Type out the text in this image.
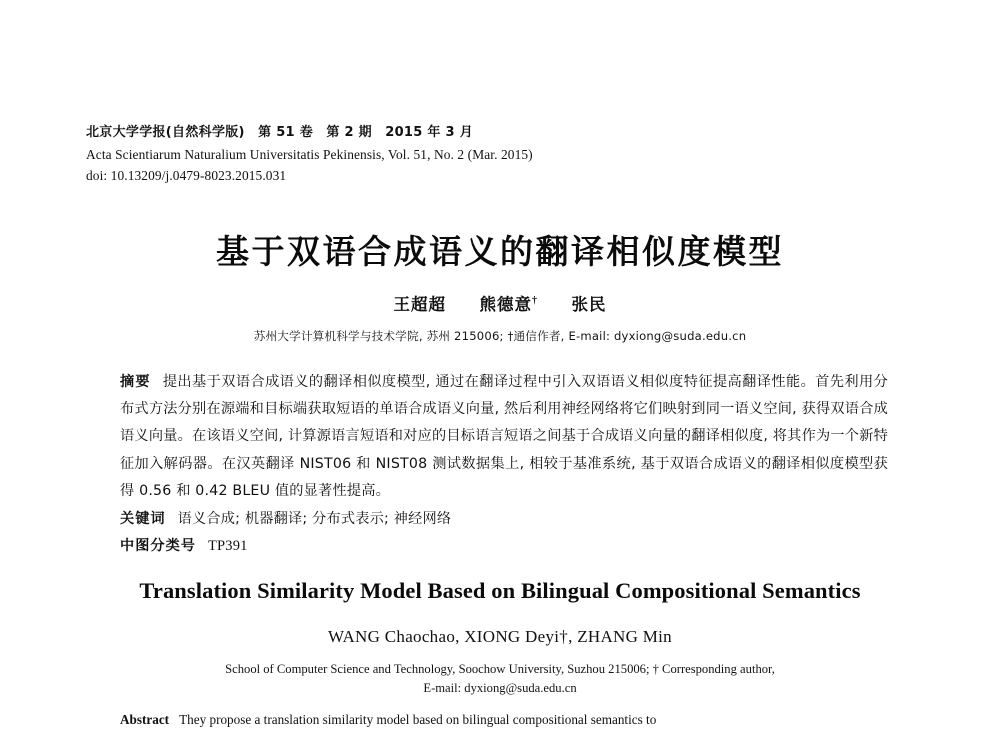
北京大学学报(自然科学版)　第 51 卷　第 2 期　2015 年 3 月
Acta Scientiarum Naturalium Universitatis Pekinensis, Vol. 51, No. 2 (Mar. 2015)
doi: 10.13209/j.0479-8023.2015.031
基于双语合成语义的翻译相似度模型
王超超 熊德意† 张民
苏州大学计算机科学与技术学院, 苏州 215006; †通信作者, E-mail: dyxiong@suda.edu.cn
摘要 提出基于双语合成语义的翻译相似度模型, 通过在翻译过程中引入双语语义相似度特征提高翻译性能。首先利用分布式方法分别在源端和目标端获取短语的单语合成语义向量, 然后利用神经网络将它们映射到同一语义空间, 获得双语合成语义向量。在该语义空间, 计算源语言短语和对应的目标语言短语之间基于合成语义向量的翻译相似度, 将其作为一个新特征加入解码器。在汉英翻译 NIST06 和 NIST08 测试数据集上, 相较于基准系统, 基于双语合成语义的翻译相似度模型获得 0.56 和 0.42 BLEU 值的显著性提高。
关键词 语义合成; 机器翻译; 分布式表示; 神经网络
中图分类号 TP391
Translation Similarity Model Based on Bilingual Compositional Semantics
WANG Chaochao, XIONG Deyi†, ZHANG Min
School of Computer Science and Technology, Soochow University, Suzhou 215006; † Corresponding author,
E-mail: dyxiong@suda.edu.cn
Abstract They propose a translation similarity model based on bilingual compositional semantics to
